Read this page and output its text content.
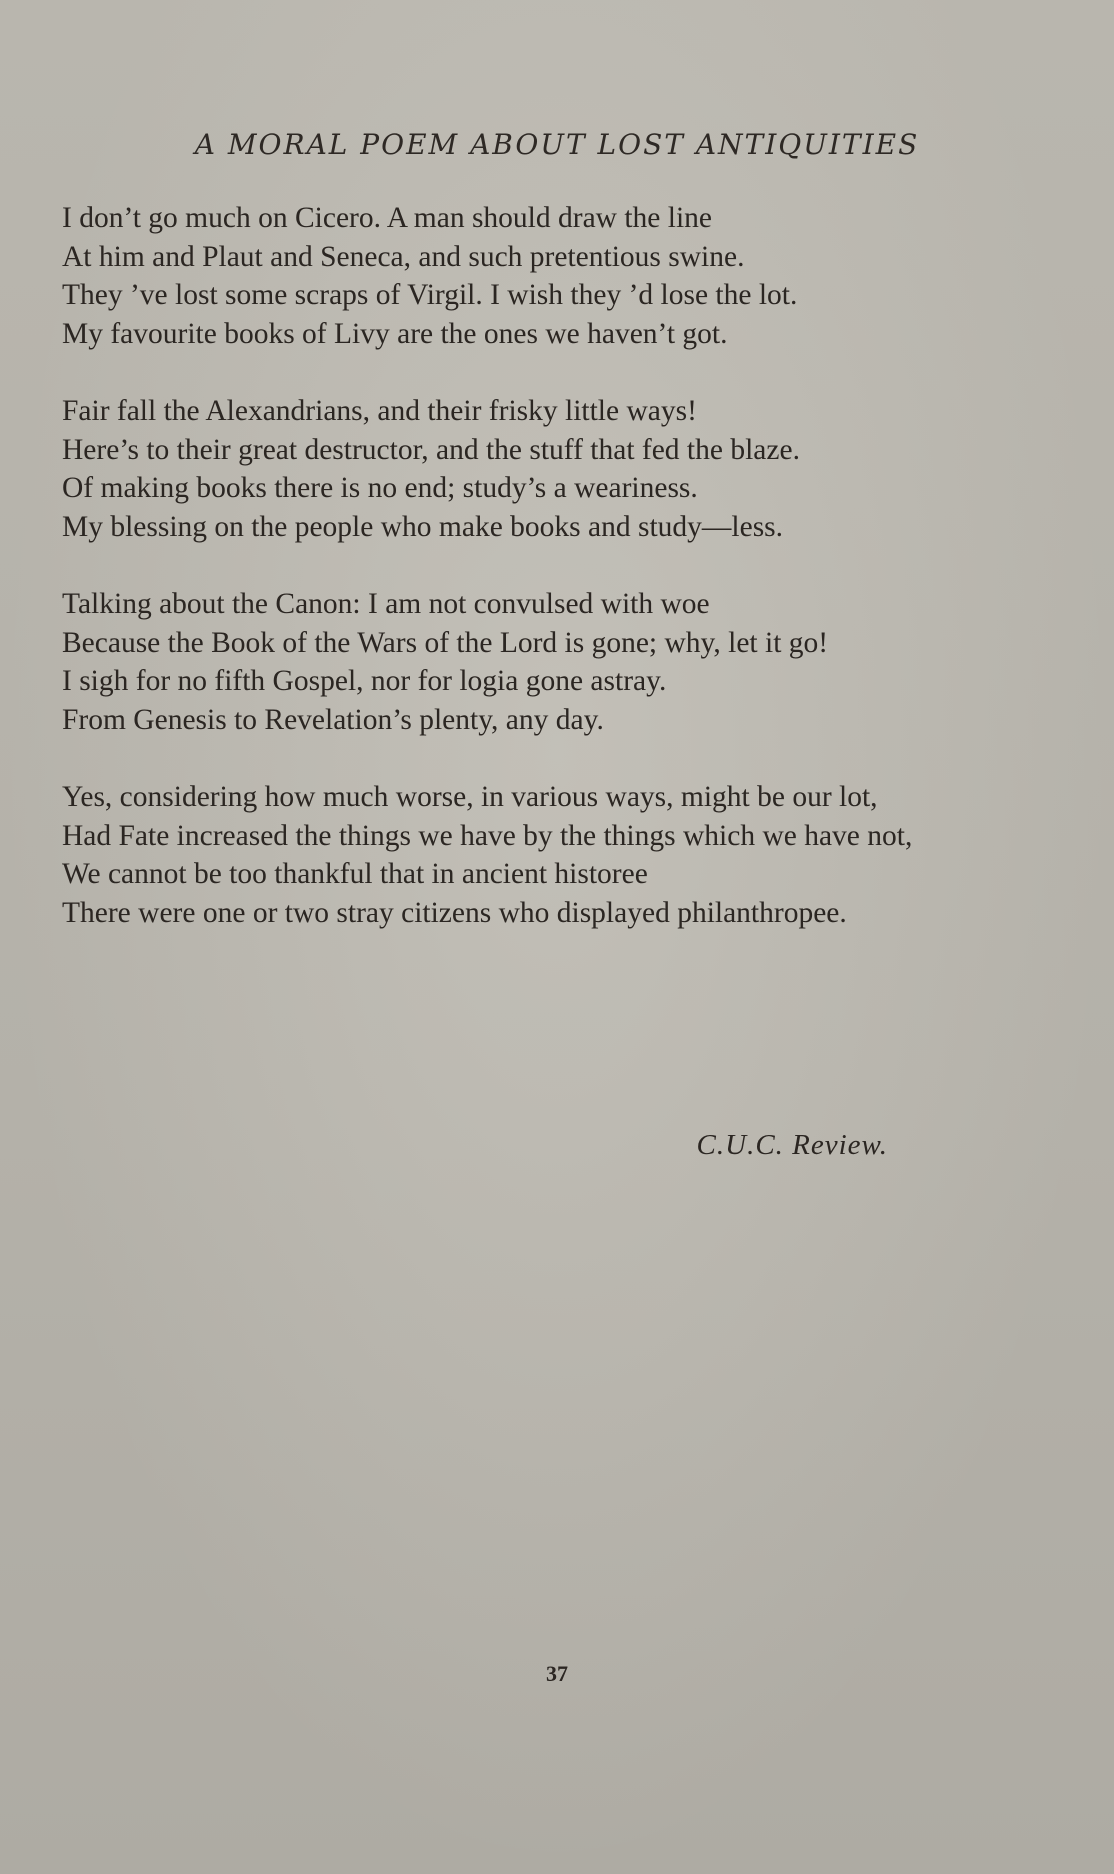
A MORAL POEM ABOUT LOST ANTIQUITIES

I don’t go much on Cicero. A man should draw the line

At him and Plaut and Seneca, and such pretentious swine.

They ’ve lost some scraps of Virgil. I wish they ’d lose the lot.

My favourite books of Livy are the ones we haven’t got.

Fair fall the Alexandrians, and their frisky little ways!

Here’s to their great destructor, and the stuff that fed the blaze.

Of making books there is no end; study’s a weariness.

My blessing on the people who make books and study—less.

Talking about the Canon: I am not convulsed with woe

Because the Book of the Wars of the Lord is gone; why, let it go!

I sigh for no fifth Gospel, nor for logia gone astray.

From Genesis to Revelation’s plenty, any day.

Yes, considering how much worse, in various ways, might be our lot,

Had Fate increased the things we have by the things which we have not,

We cannot be too thankful that in ancient historee

There were one or two stray citizens who displayed philanthropee.

C.U.C. Review.
37
